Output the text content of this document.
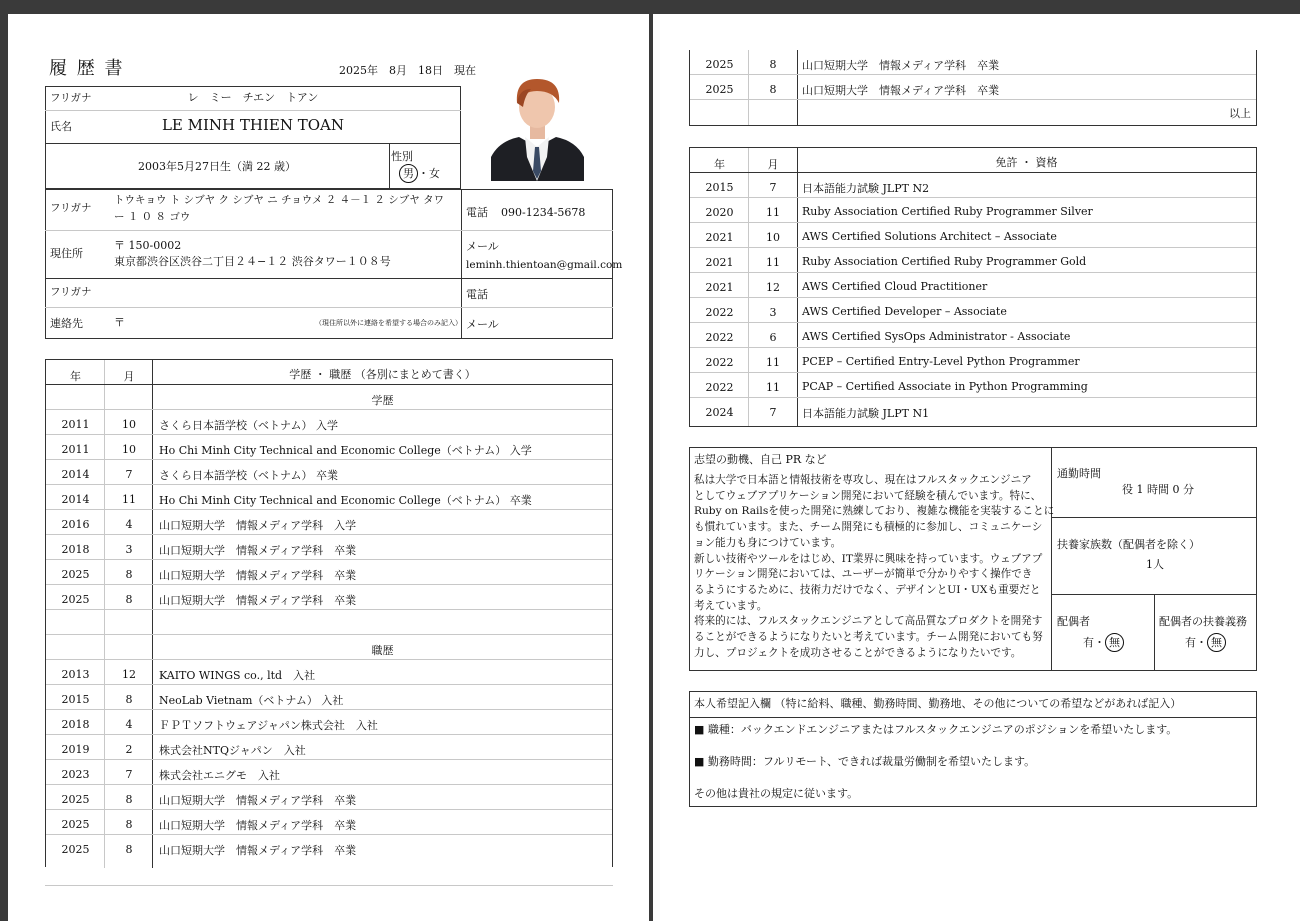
履 歴 書	2025年　8月　18日　現在
フリガナ	レ　ミー　チエン　トアン
氏名	LE MINH THIEN TOAN
2003年5月27日生（満 22 歳）
性別
男 ・女
フリガナ
トウキョウ ト シブヤ ク シブヤ ニ チョウメ ２ ４－１ ２ シブヤ タワ
ー １ ０ ８ ゴウ
現住所
〒 150-0002
東京都渋谷区渋谷二丁目２４−１２ 渋谷タワー１０８号
電話 090-1234-5678
メール
leminh.thientoan@gmail.com
フリガナ
連絡先	〒	（現住所以外に連絡を希望する場合のみ記入）
電話
メール
年	月	学歴 ・ 職歴 （各別にまとめて書く）
学歴
2011	10	さくら日本語学校（ベトナム） 入学
2011	10	Ho Chi Minh City Technical and Economic College（ベトナム） 入学
2014	7	さくら日本語学校（ベトナム） 卒業
2014	11	Ho Chi Minh City Technical and Economic College（ベトナム） 卒業
2016	4	山口短期大学　情報メディア学科　入学
2018	3	山口短期大学　情報メディア学科　卒業
2025	8	山口短期大学　情報メディア学科　卒業
2025	8	山口短期大学　情報メディア学科　卒業
職歴
2013	12	KAITO WINGS co., ltd　入社
2015	8	NeoLab Vietnam（ベトナム） 入社
2018	4	ＦＰＴソフトウェアジャパン株式会社　入社
2019	2	株式会社NTQジャパン　入社
2023	7	株式会社エニグモ　入社
2025	8	山口短期大学　情報メディア学科　卒業
2025	8	山口短期大学　情報メディア学科　卒業
2025	8	山口短期大学　情報メディア学科　卒業
2025	8	山口短期大学　情報メディア学科　卒業
2025	8	山口短期大学　情報メディア学科　卒業
以上
年	月	免許 ・ 資格
2015	7	日本語能力試験 JLPT N2
2020	11	Ruby Association Certified Ruby Programmer Silver
2021	10	AWS Certified Solutions Architect – Associate
2021	11	Ruby Association Certified Ruby Programmer Gold
2021	12	AWS Certified Cloud Practitioner
2022	3	AWS Certified Developer – Associate
2022	6	AWS Certified SysOps Administrator - Associate
2022	11	PCEP – Certified Entry-Level Python Programmer
2022	11	PCAP – Certified Associate in Python Programming
2024	7	日本語能力試験 JLPT N1
志望の動機、自己 PR など
私は大学で日本語と情報技術を専攻し、現在はフルスタックエンジニア
としてウェブアプリケーション開発において経験を積んでいます。特に、
Ruby on Railsを使った開発に熟練しており、複雑な機能を実装することに
も慣れています。また、チーム開発にも積極的に参加し、コミュニケーシ
ョン能力も身につけています。
新しい技術やツールをはじめ、IT業界に興味を持っています。ウェブアプ
リケーション開発においては、ユーザーが簡単で分かりやすく操作でき
るようにするために、技術力だけでなく、デザインとUI・UXも重要だと
考えています。
将来的には、フルスタックエンジニアとして高品質なプロダクトを開発す
ることができるようになりたいと考えています。チーム開発においても努
力し、プロジェクトを成功させることができるようになりたいです。
通勤時間
役 1 時間 0 分
扶養家族数（配偶者を除く）
1人
配偶者
有・ 無
配偶者の扶養義務
有・ 無
本人希望記入欄 （特に給料、職種、勤務時間、勤務地、その他についての希望などがあれば記入）
■ 職種：バックエンドエンジニアまたはフルスタックエンジニアのポジションを希望いたします。
■ 勤務時間：フルリモート、できれば裁量労働制を希望いたします。
その他は貴社の規定に従います。
